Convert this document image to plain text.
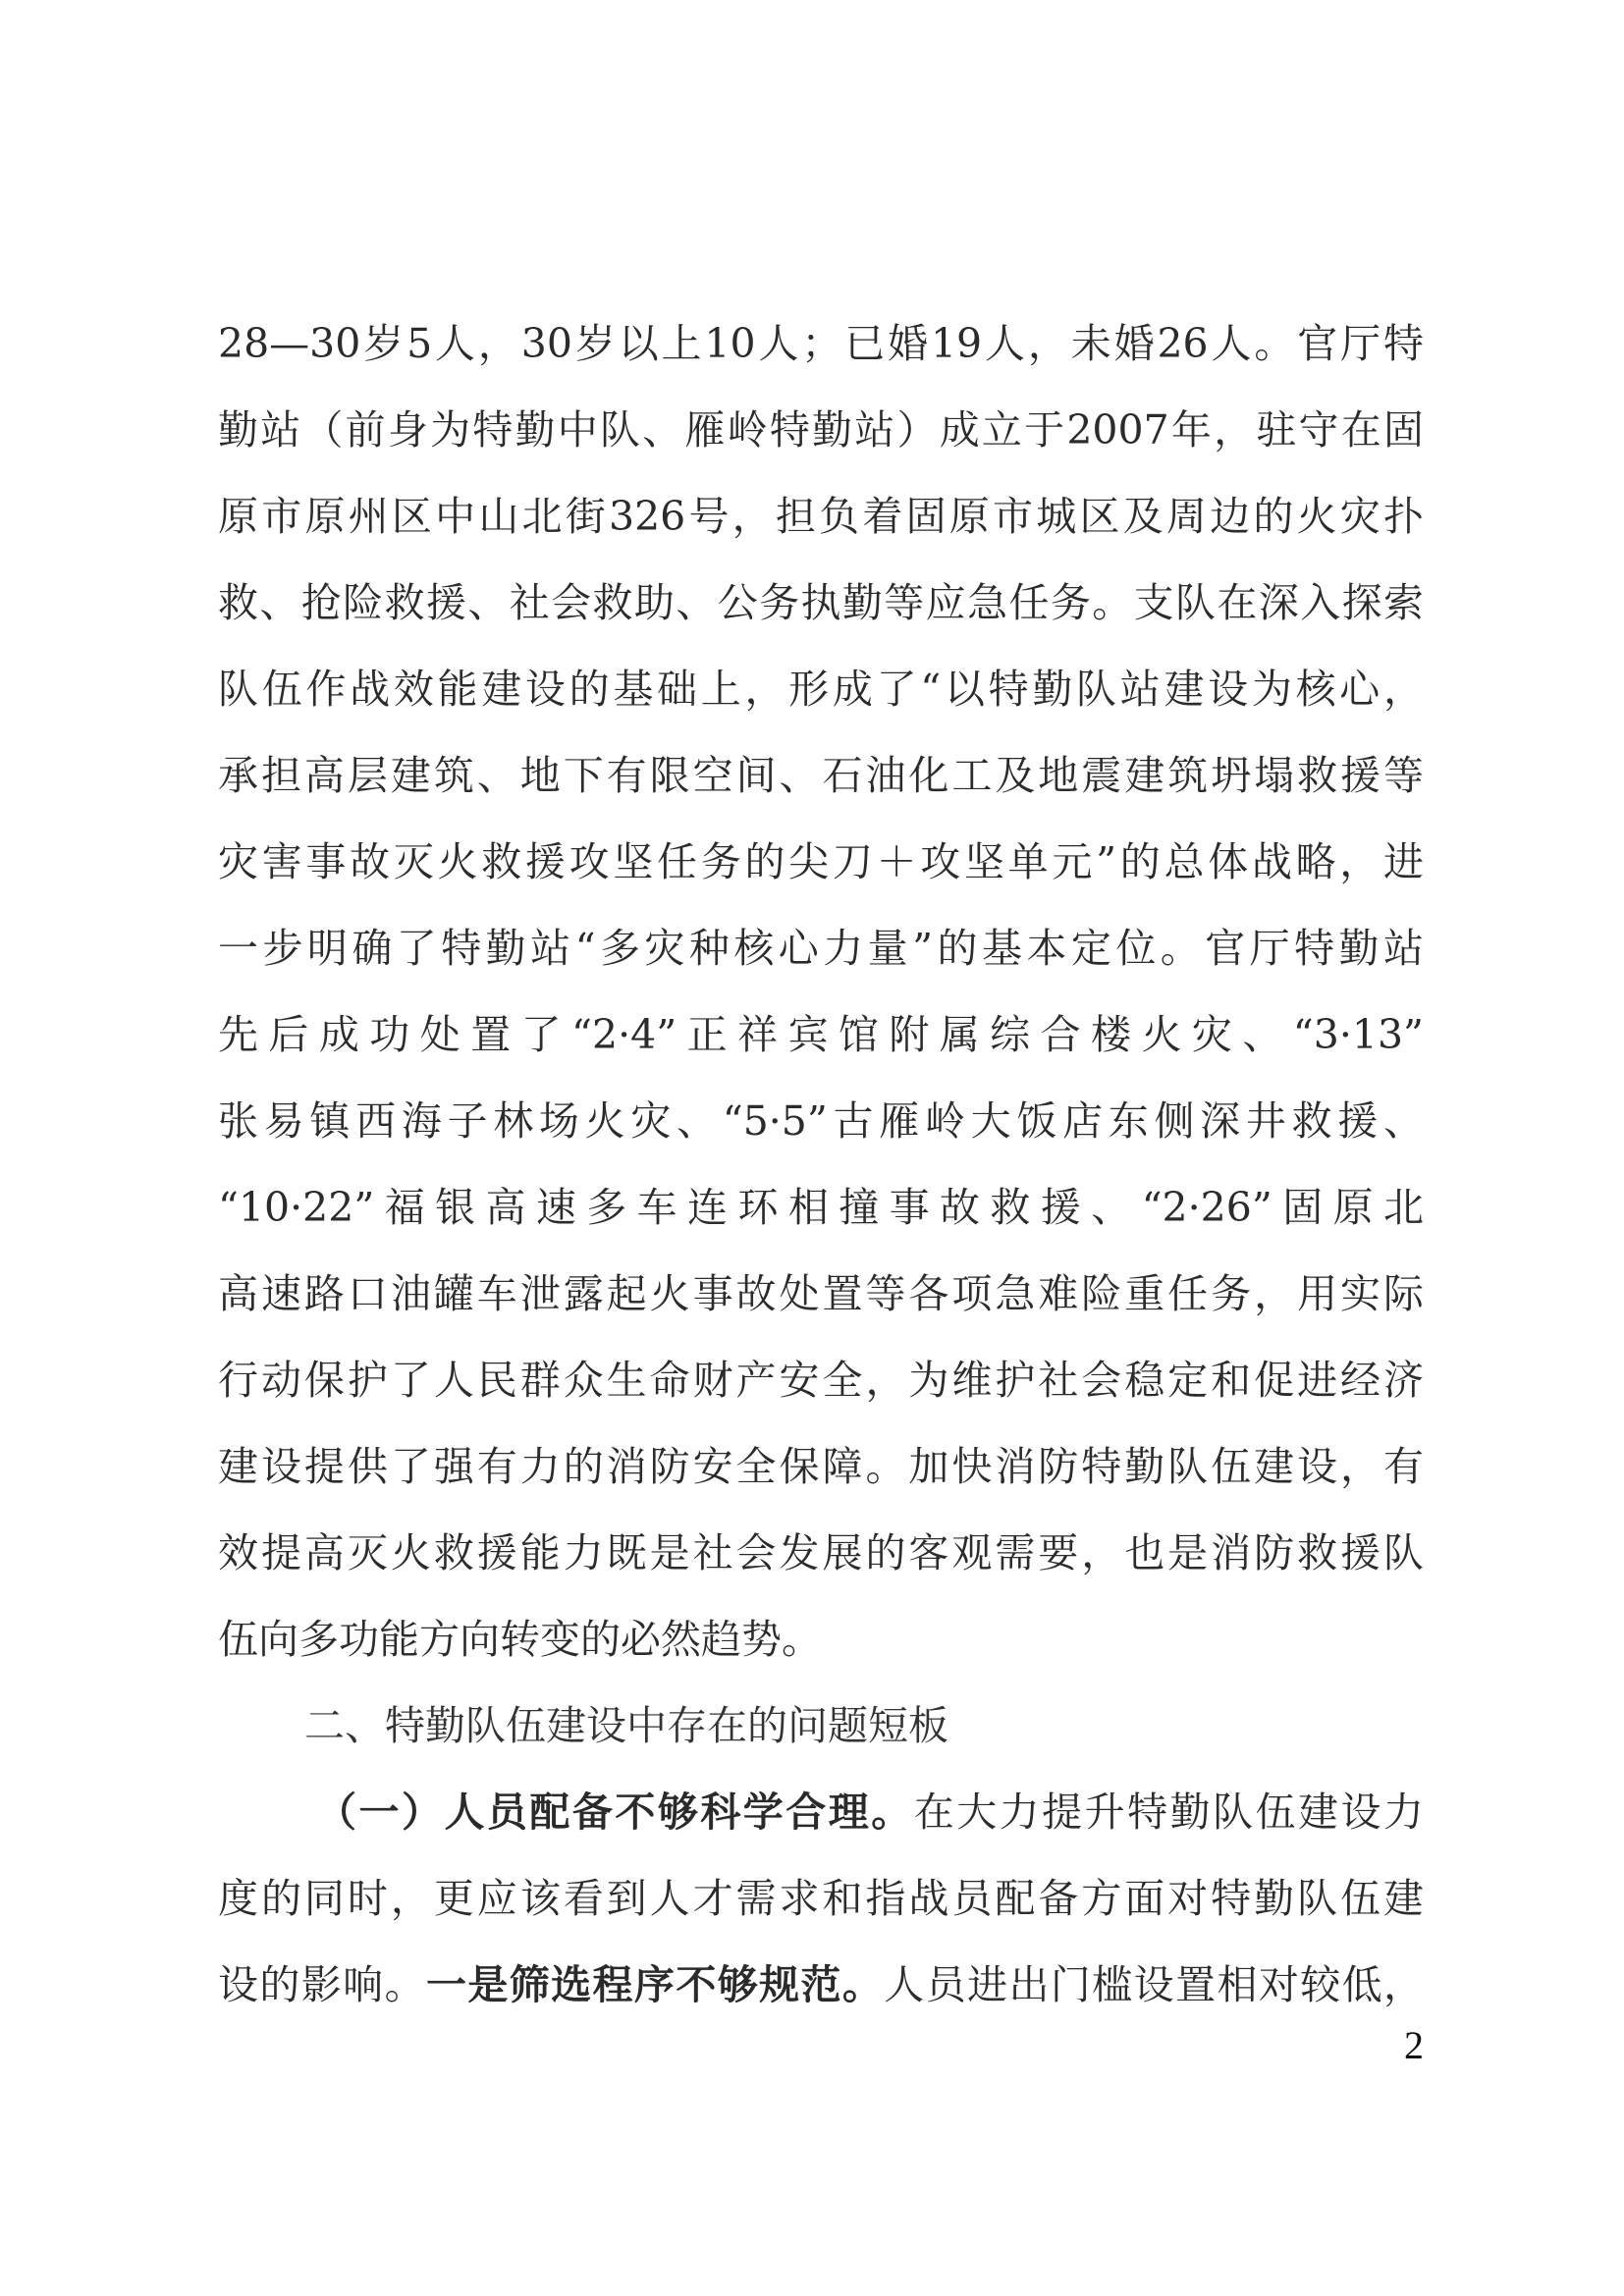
28—30岁5人，30岁以上10人；已婚19人，未婚26人。官厅特
勤站（前身为特勤中队、雁岭特勤站）成立于2007年，驻守在固
原市原州区中山北街326号，担负着固原市城区及周边的火灾扑
救、抢险救援、社会救助、公务执勤等应急任务。支队在深入探索
队伍作战效能建设的基础上，形成了“以特勤队站建设为核心，
承担高层建筑、地下有限空间、石油化工及地震建筑坍塌救援等
灾害事故灭火救援攻坚任务的尖刀＋攻坚单元”的总体战略，进
一步明确了特勤站“多灾种核心力量”的基本定位。官厅特勤站
先后成功处置了“2·4”正祥宾馆附属综合楼火灾、“3·13”
张易镇西海子林场火灾、“5·5”古雁岭大饭店东侧深井救援、
“10·22”福银高速多车连环相撞事故救援、“2·26”固原北
高速路口油罐车泄露起火事故处置等各项急难险重任务，用实际
行动保护了人民群众生命财产安全，为维护社会稳定和促进经济
建设提供了强有力的消防安全保障。加快消防特勤队伍建设，有
效提高灭火救援能力既是社会发展的客观需要，也是消防救援队
伍向多功能方向转变的必然趋势。
二、特勤队伍建设中存在的问题短板
（一）人员配备不够科学合理。在大力提升特勤队伍建设力
度的同时，更应该看到人才需求和指战员配备方面对特勤队伍建
设的影响。一是筛选程序不够规范。人员进出门槛设置相对较低，
2
